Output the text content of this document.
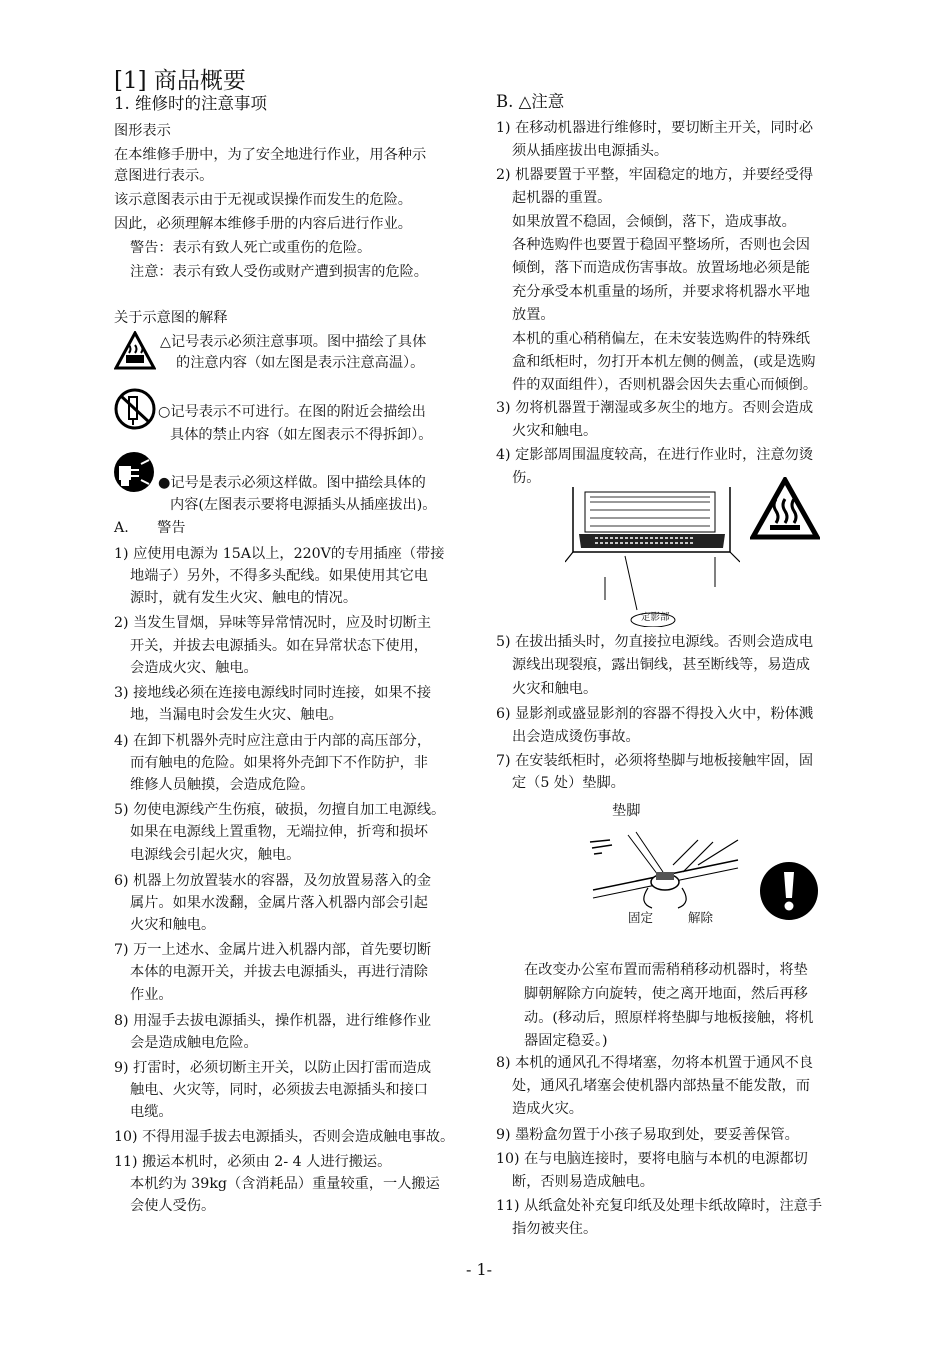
[1] 商品概要
1. 维修时的注意事项	B. △注意
图形表示
在本维修手册中，为了安全地进行作业，用各种示
意图进行表示。
该示意图表示由于无视或误操作而发生的危险。
因此，必须理解本维修手册的内容后进行作业。
警告：表示有致人死亡或重伤的危险。
注意：表示有致人受伤或财产遭到损害的危险。
关于示意图的解释
△记号表示必须注意事项。图中描绘了具体
的注意内容（如左图是表示注意高温）。
○记号表示不可进行。在图的附近会描绘出
具体的禁止内容（如左图表示不得拆卸）。
●记号是表示必须这样做。图中描绘具体的
内容(左图表示要将电源插头从插座拔出)。
A.　　警告
1) 应使用电源为 15A以上，220V的专用插座（带接
地端子）另外，不得多头配线。如果使用其它电
源时，就有发生火灾、触电的情况。
2) 当发生冒烟，异味等异常情况时，应及时切断主
开关，并拔去电源插头。如在异常状态下使用，
会造成火灾、触电。
3) 接地线必须在连接电源线时同时连接，如果不接
地，当漏电时会发生火灾、触电。
4) 在卸下机器外壳时应注意由于内部的高压部分，
而有触电的危险。如果将外壳卸下不作防护，非
维修人员触摸，会造成危险。
5) 勿使电源线产生伤痕，破损，勿擅自加工电源线。
如果在电源线上置重物，无端拉伸，折弯和损坏
电源线会引起火灾，触电。
6) 机器上勿放置装水的容器，及勿放置易落入的金
属片。如果水泼翻，金属片落入机器内部会引起
火灾和触电。
7) 万一上述水、金属片进入机器内部，首先要切断
本体的电源开关，并拔去电源插头，再进行清除
作业。
8) 用湿手去拔电源插头，操作机器，进行维修作业
会是造成触电危险。
9) 打雷时，必须切断主开关，以防止因打雷而造成
触电、火灾等，同时，必须拔去电源插头和接口
电缆。
10) 不得用湿手拔去电源插头，否则会造成触电事故。
11) 搬运本机时，必须由 2- 4 人进行搬运。
本机约为 39kg（含消耗品）重量较重，一人搬运
会使人受伤。
1) 在移动机器进行维修时，要切断主开关，同时必
须从插座拔出电源插头。
2) 机器要置于平整，牢固稳定的地方，并要经受得
起机器的重置。
如果放置不稳固，会倾倒，落下，造成事故。
各种选购件也要置于稳固平整场所，否则也会因
倾倒，落下而造成伤害事故。放置场地必须是能
充分承受本机重量的场所，并要求将机器水平地
放置。
本机的重心稍稍偏左，在未安装选购件的特殊纸
盒和纸柜时，勿打开本机左侧的侧盖，(或是选购
件的双面组件），否则机器会因失去重心而倾倒。
3) 勿将机器置于潮湿或多灰尘的地方。否则会造成
火灾和触电。
4) 定影部周围温度较高，在进行作业时，注意勿烫
伤。
5) 在拔出插头时，勿直接拉电源线。否则会造成电
源线出现裂痕，露出铜线，甚至断线等，易造成
火灾和触电。
6) 显影剂或盛显影剂的容器不得投入火中，粉体溅
出会造成烫伤事故。
7) 在安装纸柜时，必须将垫脚与地板接触牢固，固
定（5 处）垫脚。
在改变办公室布置而需稍稍移动机器时，将垫
脚朝解除方向旋转，使之离开地面，然后再移
动。(移动后，照原样将垫脚与地板接触，将机
器固定稳妥。)
8) 本机的通风孔不得堵塞，勿将本机置于通风不良
处，通风孔堵塞会使机器内部热量不能发散，而
造成火灾。
9) 墨粉盒勿置于小孩子易取到处，要妥善保管。
10) 在与电脑连接时，要将电脑与本机的电源都切
断，否则易造成触电。
11) 从纸盒处补充复印纸及处理卡纸故障时，注意手
指勿被夹住。
定影部
垫脚
固定	解除
- 1-
